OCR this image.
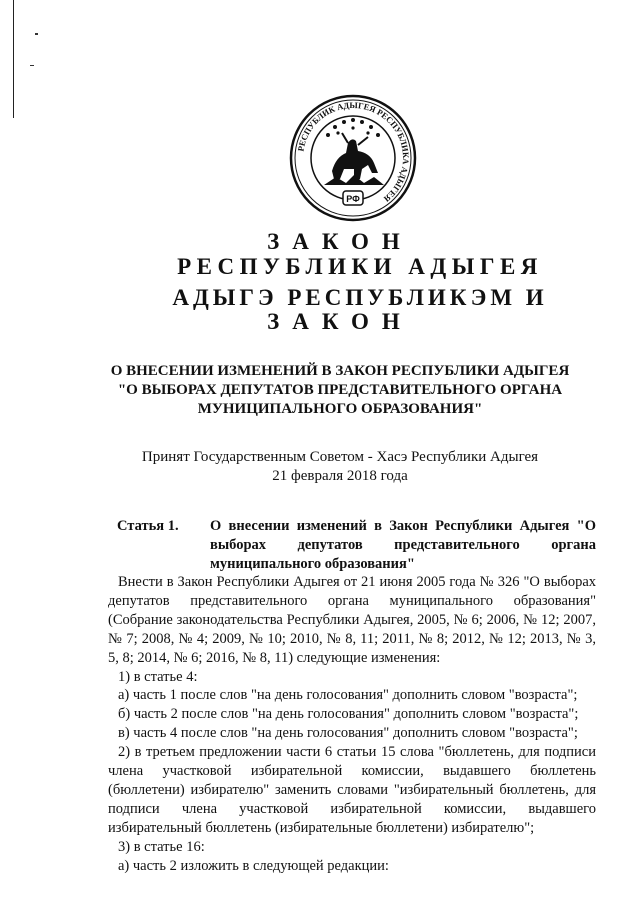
РЕСПУБЛИК АДЫГЕЯ РЕСПУБЛИКА АДЫГЕЯ
РФ
ЗАКОН
РЕСПУБЛИКИ АДЫГЕЯ
АДЫГЭ РЕСПУБЛИКЭМ И
ЗАКОН
О ВНЕСЕНИИ ИЗМЕНЕНИЙ В ЗАКОН РЕСПУБЛИКИ АДЫГЕЯ
"О ВЫБОРАХ ДЕПУТАТОВ ПРЕДСТАВИТЕЛЬНОГО ОРГАНА
МУНИЦИПАЛЬНОГО ОБРАЗОВАНИЯ"
Принят Государственным Советом - Хасэ Республики Адыгея
21 февраля 2018 года
Статья 1. О внесении изменений в Закон Республики Адыгея "О выборах депутатов представительного органа муниципального образования"

Внести в Закон Республики Адыгея от 21 июня 2005 года № 326 "О выборах депутатов представительного органа муниципального образования" (Собрание законодательства Республики Адыгея, 2005, № 6; 2006, № 12; 2007, № 7; 2008, № 4; 2009, № 10; 2010, № 8, 11; 2011, № 8; 2012, № 12; 2013, № 3, 5, 8; 2014, № 6; 2016, № 8, 11) следующие изменения:

1) в статье 4:

а) часть 1 после слов "на день голосования" дополнить словом "возраста";

б) часть 2 после слов "на день голосования" дополнить словом "возраста";

в) часть 4 после слов "на день голосования" дополнить словом "возраста";

2) в третьем предложении части 6 статьи 15 слова "бюллетень, для подписи члена участковой избирательной комиссии, выдавшего бюллетень (бюллетени) избирателю" заменить словами "избирательный бюллетень, для подписи члена участковой избирательной комиссии, выдавшего избирательный бюллетень (избирательные бюллетени) избирателю";

3) в статье 16:

а) часть 2 изложить в следующей редакции:
